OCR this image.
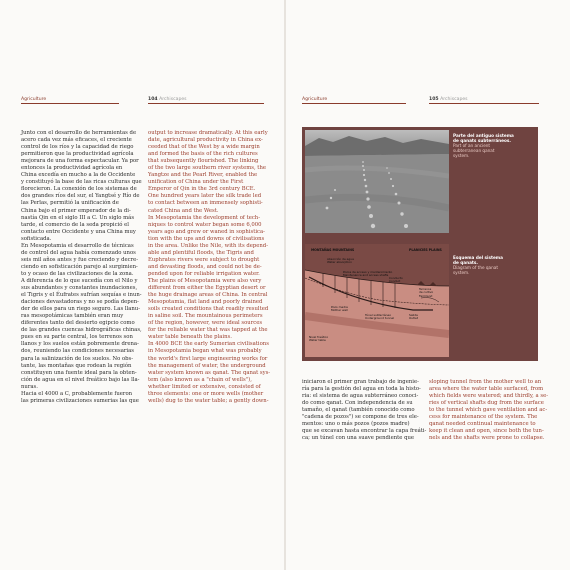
Agriculture	104 Archiscapes
Junto con el desarrollo de herramientas de
acero cada vez más eficaces, el creciente
control de los ríos y la capacidad de riego
permitieron que la productividad agrícola
mejorara de una forma espectacular. Ya por
entonces la productividad agrícola en
China excedía en mucho a la de Occidente
y constituyó la base de las ricas culturas que
florecieron. La conexión de los sistemas de
dos grandes ríos del sur, el Yangtsé y Río de
las Perlas, permitió la unificación de
China bajo el primer emperador de la di-
nastía Qin en el siglo III a C. Un siglo más
tarde, el comercio de la seda propició el
contacto entre Occidente y una China muy
sofisticada.
En Mesopotamia el desarrollo de técnicas
de control del agua había comenzado unos
seis mil años antes y fue creciendo y decre-
ciendo en sofisticación parejo al surgimien-
to y ocaso de las civilizaciones de la zona.
A diferencia de lo que sucedía con el Nilo y
sus abundantes y constantes inundaciones,
el Tigris y el Éufrates sufrían sequías e inun-
daciones devastadoras y no se podía depen-
der de ellos para un riego seguro. Las llanu-
ras mesopotámicas también eran muy
diferentes tanto del desierto egipcio como
de las grandes cuencas hidrográficas chinas,
pues en su parte central, los terrenos son
llanos y los suelos están pobremente drena-
dos, reuniendo las condiciones necesarias
para la salinización de los suelos. No obs-
tante, las montañas que rodean la región
constituyen una fuente ideal para la obten-
ción de agua en el nivel freático bajo las lla-
nuras.
Hacia el 4000 a C, probablemente fueron
las primeras civilizaciones sumerias las que
output to increase dramatically. At this early
date, agricultural productivity in China ex-
ceeded that of the West by a wide margin
and formed the basis of the rich cultures
that subsequently flourished. The linking
of the two large southern river systems, the
Yangtze and the Pearl River, enabled the
unification of China under the First
Emperor of Qin in the 3rd century BCE.
One hundred years later the silk trade led
to contact between an immensely sophisti-
cated China and the West.
In Mesopotamia the development of tech-
niques to control water began some 6,000
years ago and grew or waned in sophistica-
tion with the ups and downs of civilisations
in the area. Unlike the Nile, with its depend-
able and plentiful floods, the Tigris and
Euphrates rivers were subject to drought
and devasting floods, and could not be de-
pended upon for reliable irrigation water.
The plains of Mesopotamia were also very
different from either the Egyptian desert or
the huge drainage areas of China. In central
Mesopotamia, flat land and poorly drained
soils created conditions that readily resulted
in saline soil. The mountainous perimeters
of the region, however, were ideal sources
for the reliable water that was tapped at the
water table beneath the plains.
In 4000 BCE the early Sumerian civilisations
in Mesopotamia began what was probably
the world's first large engineering works for
the management of water, the underground
water system known as qanat. The qanat sys-
tem (also known as a "chain of wells"),
whether limited or extensive, consisted of
three elements: one or more wells (mother
wells) dug to the water table; a gently down-
Agriculture	105 Archiscapes
iniciaron el primer gran trabajo de ingenie-
ría para la gestión del agua en toda la histo-
ria: el sistema de agua subterráneo conoci-
do como qanat. Con independencia de su
tamaño, el qanat (también conocido como
"cadena de pozos") se compone de tres ele-
mentos: uno o más pozos (pozos madre)
que se excavan hasta encontrar la capa freáti-
ca; un túnel con una suave pendiente que
sloping tunnel from the mother well to an
area where the water table surfaced, from
which fields were watered; and thirdly, a se-
ries of vertical shafts dug from the surface
to the tunnel which gave ventilation and ac-
cess for maintenance of the system. The
qanat needed continual maintenance to
keep it clean and open, since both the tun-
nels and the shafts were prone to collapse.
Parte del antiguo sistema
de qanats subterráneos.
Part of an ancient
subterranean qanat
system.
MONTAÑAS MOUNTAINS	PLANICIES PLAINS
Absorción de agua
Water absorption
Pozos de acceso y mantenimiento
Maintenance and access shafts
Conducto
Conduit
Terrenos
de cultivo
Farmland
Pozo madre
Mother well
Túnel subterráneo
Underground tunnel
Salida
Outlet
Nivel freático
Water table
Esquema del sistema
de qanats.
Diagram of the qanat
system.
